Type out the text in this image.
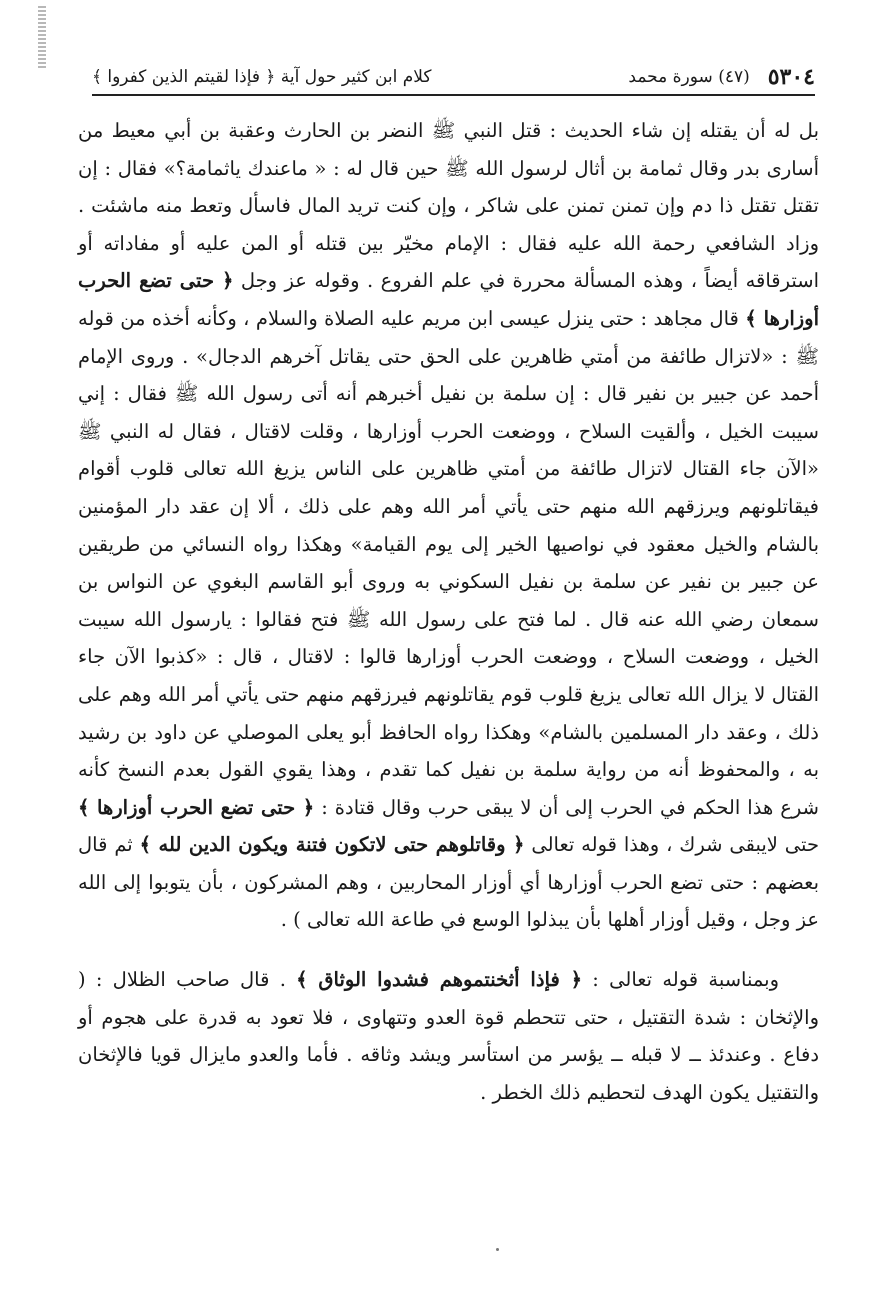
٥٣٠٤
(٤٧) سورة محمد
كلام ابن كثير حول آية ﴿ فإذا لقيتم الذين كفروا ﴾

بل له أن يقتله إن شاء الحديث : قتل النبي ﷺ النضر بن الحارث وعقبة بن أبي معيط من أسارى بدر وقال ثمامة بن أثال لرسول الله ﷺ حين قال له : « ماعندك ياثمامة؟» فقال : إن تقتل تقتل ذا دم وإن تمنن تمنن على شاكر ، وإن كنت تريد المال فاسأل وتعط منه ماشئت . وزاد الشافعي رحمة الله عليه فقال : الإمام مخيّر بين قتله أو المن عليه أو مفاداته أو استرقاقه أيضاً ، وهذه المسألة محررة في علم الفروع . وقوله عز وجل ﴿ حتى تضع الحرب أوزارها ﴾ قال مجاهد : حتى ينزل عيسى ابن مريم عليه الصلاة والسلام ، وكأنه أخذه من قوله ﷺ : «لاتزال طائفة من أمتي ظاهرين على الحق حتى يقاتل آخرهم الدجال» . وروى الإمام أحمد عن جبير بن نفير قال : إن سلمة بن نفيل أخبرهم أنه أتى رسول الله ﷺ فقال : إني سيبت الخيل ، وألقيت السلاح ، ووضعت الحرب أوزارها ، وقلت لاقتال ، فقال له النبي ﷺ «الآن جاء القتال لاتزال طائفة من أمتي ظاهرين على الناس يزيغ الله تعالى قلوب أقوام فيقاتلونهم ويرزقهم الله منهم حتى يأتي أمر الله وهم على ذلك ، ألا إن عقد دار المؤمنين بالشام والخيل معقود في نواصيها الخير إلى يوم القيامة» وهكذا رواه النسائي من طريقين عن جبير بن نفير عن سلمة بن نفيل السكوني به وروى أبو القاسم البغوي عن النواس بن سمعان رضي الله عنه قال . لما فتح على رسول الله ﷺ فتح فقالوا : يارسول الله سيبت الخيل ، ووضعت السلاح ، ووضعت الحرب أوزارها قالوا : لاقتال ، قال : «كذبوا الآن جاء القتال لا يزال الله تعالى يزيغ قلوب قوم يقاتلونهم فيرزقهم منهم حتى يأتي أمر الله وهم على ذلك ، وعقد دار المسلمين بالشام» وهكذا رواه الحافظ أبو يعلى الموصلي عن داود بن رشيد به ، والمحفوظ أنه من رواية سلمة بن نفيل كما تقدم ، وهذا يقوي القول بعدم النسخ كأنه شرع هذا الحكم في الحرب إلى أن لا يبقى حرب وقال قتادة : ﴿ حتى تضع الحرب أوزارها ﴾ حتى لايبقى شرك ، وهذا قوله تعالى ﴿ وقاتلوهم حتى لاتكون فتنة ويكون الدين لله ﴾ ثم قال بعضهم : حتى تضع الحرب أوزارها أي أوزار المحاربين ، وهم المشركون ، بأن يتوبوا إلى الله عز وجل ، وقيل أوزار أهلها بأن يبذلوا الوسع في طاعة الله تعالى ) .

وبمناسبة قوله تعالى : ﴿ فإذا أثخنتموهم فشدوا الوثاق ﴾ . قال صاحب الظلال : ( والإثخان : شدة التقتيل ، حتى تتحطم قوة العدو وتتهاوى ، فلا تعود به قدرة على هجوم أو دفاع . وعندئذ ــ لا قبله ــ يؤسر من استأسر ويشد وثاقه . فأما والعدو مايزال قويا فالإثخان والتقتيل يكون الهدف لتحطيم ذلك الخطر .
